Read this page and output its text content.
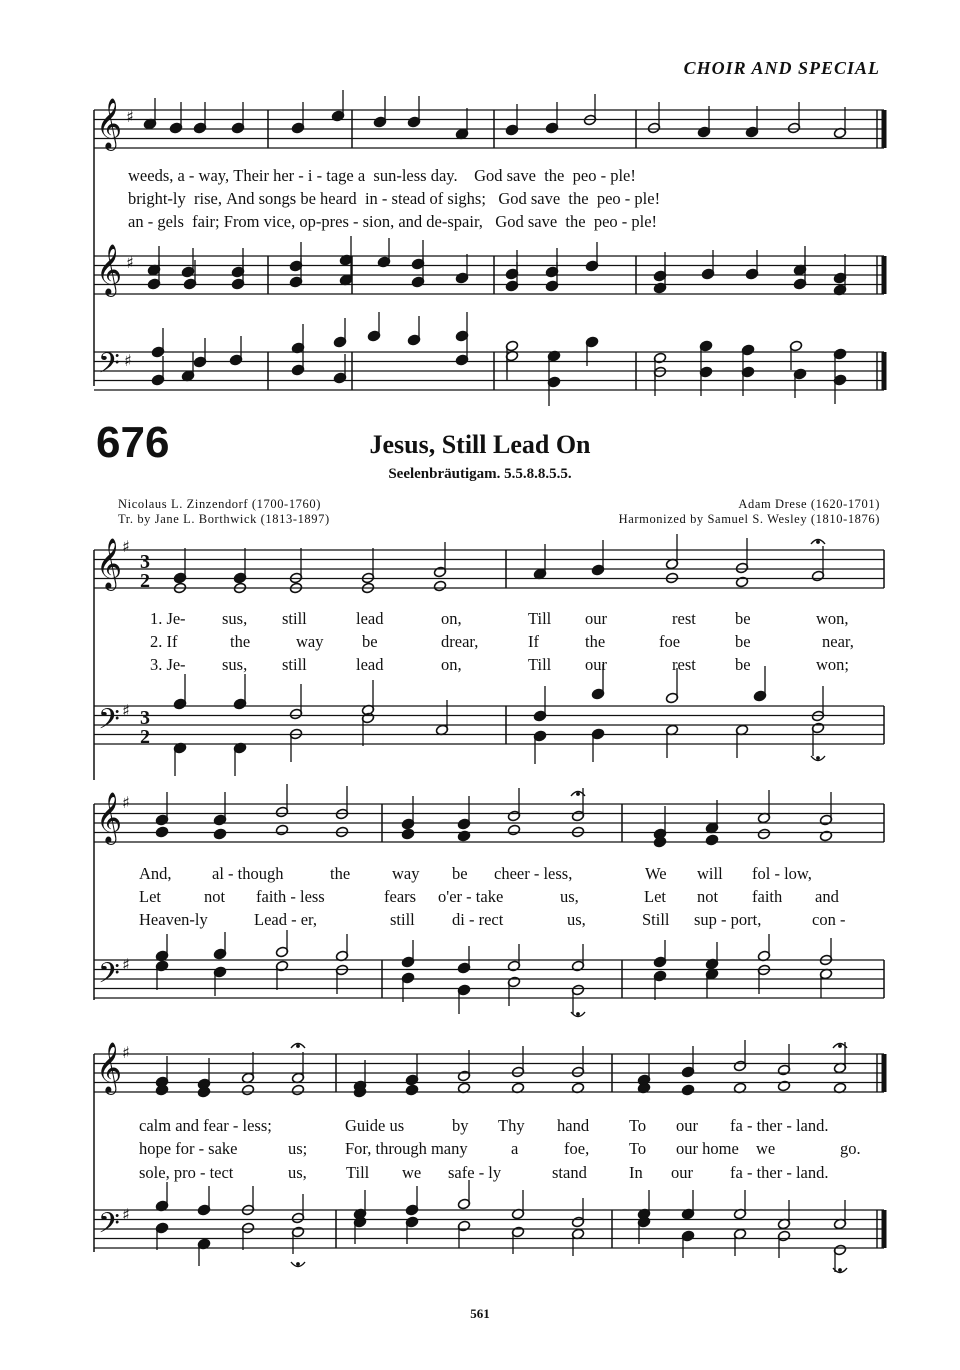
CHOIR AND SPECIAL
𝄞 ♯
𝄞 ♯
𝄢 ♯
𝄞 ♯
3
2
𝄢 ♯ 3
2
𝄞 ♯
𝄢 ♯
𝄞 ♯
𝄢 ♯
weeds, a - way, Their her - i - tage a sun-less day. God save the peo - ple!
bright-ly rise, And songs be heard in - stead of sighs; God save the peo - ple!
an - gels fair; From vice, op-pres - sion, and de-spair, God save the peo - ple!
676	Jesus, Still Lead On
Seelenbräutigam. 5.5.8.8.5.5.
Nicolaus L. Zinzendorf (1700-1760)
Tr. by Jane L. Borthwick (1813-1897)
Adam Drese (1620-1701)
Harmonized by Samuel S. Wesley (1810-1876)
1. Je - sus, still	lead	on,	Till our	rest be	won,
2. If	the	way be	drear,	If	the	foe	be	near,
3. Je - sus, still	lead	on,	Till our	rest be	won;
And, al - though	the	way be cheer - less,	We will fol - low,
Let	not faith - less	fears o'er - take	us,	Let not faith and
Heaven-ly	Lead - er,	still di - rect	us,	Still sup - port,	con -
calm and fear - less;	Guide us	by Thy hand To our fa - ther - land.
hope for - sake	us; For, through many	a	foe, To our home we	go.
sole, pro - tect	us, Till we safe - ly	stand	In our fa - ther - land.
561
